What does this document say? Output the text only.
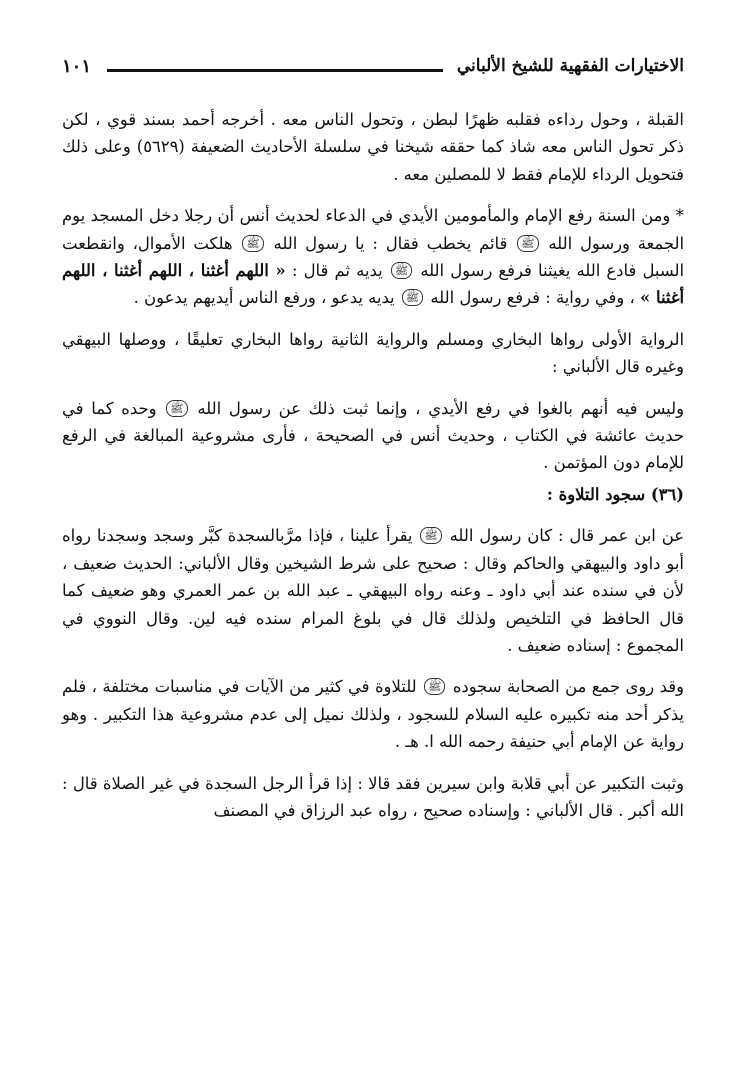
الاختيارات الفقهية للشيخ الألباني
١٠١

القبلة ، وحول رداءه فقلبه ظهرًا لبطن ، وتحول الناس معه . أخرجه أحمد بسند قوي ، لكن ذكر تحول الناس معه شاذ كما حققه شيخنا في سلسلة الأحاديث الضعيفة (٥٦٢٩) وعلى ذلك فتحويل الرداء للإمام فقط لا للمصلين معه .

* ومن السنة رفع الإمام والمأمومين الأيدي في الدعاء لحديث أنس أن رجلا دخل المسجد يوم الجمعة ورسول الله ﷺ قائم يخطب فقال : يا رسول الله ﷺ هلكت الأموال، وانقطعت السبل فادع الله يغيثنا فرفع رسول الله ﷺ يديه ثم قال : « اللهم أغثنا ، اللهم أغثنا ، اللهم أغثنا » ، وفي رواية : فرفع رسول الله ﷺ يديه يدعو ، ورفع الناس أيديهم يدعون .

الرواية الأولى رواها البخاري ومسلم والرواية الثانية رواها البخاري تعليقًا ، ووصلها البيهقي وغيره قال الألباني :

وليس فيه أنهم بالغوا في رفع الأيدي ، وإنما ثبت ذلك عن رسول الله ﷺ وحده كما في حديث عائشة في الكتاب ، وحديث أنس في الصحيحة ، فأرى مشروعية المبالغة في الرفع للإمام دون المؤتمن .

(٣٦) سجود التلاوة :

عن ابن عمر قال : كان رسول الله ﷺ يقرأ علينا ، فإذا مرَّبالسجدة كبَّر وسجد وسجدنا رواه أبو داود والبيهقي والحاكم وقال : صحيح على شرط الشيخين وقال الألباني: الحديث ضعيف ، لأن في سنده عند أبي داود ـ وعنه رواه البيهقي ـ عبد الله بن عمر العمري وهو ضعيف كما قال الحافظ في التلخيص ولذلك قال في بلوغ المرام سنده فيه لين. وقال النووي في المجموع : إسناده ضعيف .

وقد روى جمع من الصحابة سجوده ﷺ للتلاوة في كثير من الآيات في مناسبات مختلفة ، فلم يذكر أحد منه تكبيره عليه السلام للسجود ، ولذلك نميل إلى عدم مشروعية هذا التكبير . وهو رواية عن الإمام أبي حنيفة رحمه الله ا. هـ .

وثبت التكبير عن أبي قلابة وابن سيرين فقد قالا : إذا قرأ الرجل السجدة في غير الصلاة قال : الله أكبر . قال الألباني : وإسناده صحيح ، رواه عبد الرزاق في المصنف
